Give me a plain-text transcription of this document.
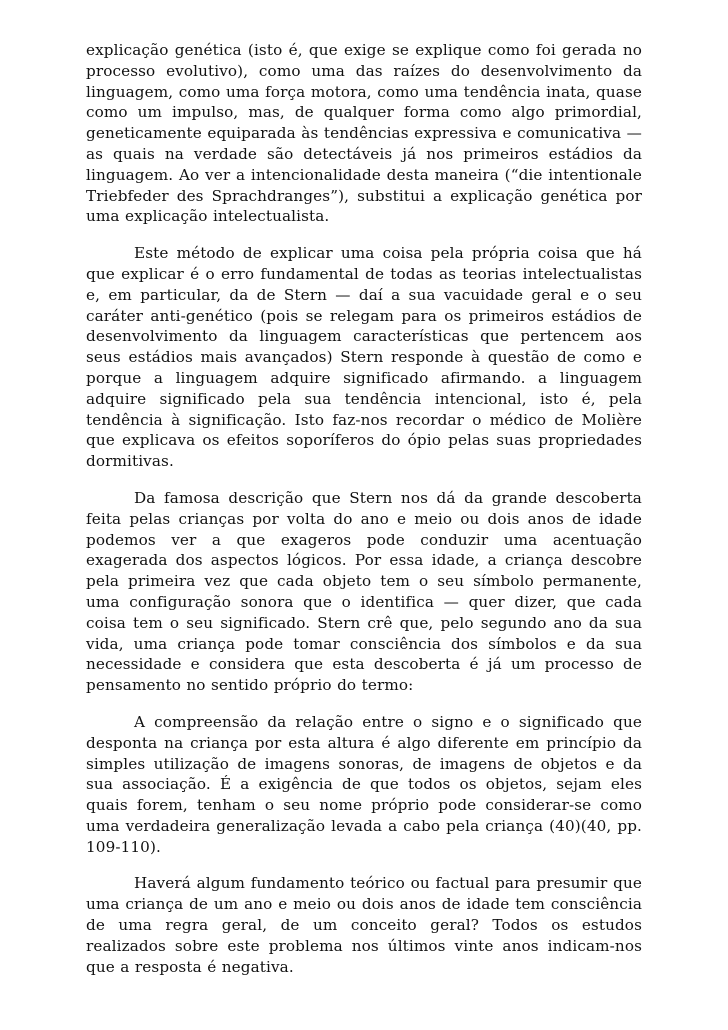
explicação genética (isto é, que exige se explique como foi gerada no processo evolutivo), como uma das raízes do desenvolvimento da linguagem, como uma força motora, como uma tendência inata, quase como um impulso, mas, de qualquer forma como algo primordial, geneticamente equiparada às tendências expressiva e comunicativa — as quais na verdade são detectáveis já nos primeiros estádios da linguagem. Ao ver a intencionalidade desta maneira (“die intentionale Triebfeder des Sprachdranges”), substitui a explicação genética por uma explicação intelectualista.

Este método de explicar uma coisa pela própria coisa que há que explicar é o erro fundamental de todas as teorias intelectualistas e, em particular, da de Stern — daí a sua vacuidade geral e o seu caráter anti-genético (pois se relegam para os primeiros estádios de desenvolvimento da linguagem características que pertencem aos seus estádios mais avançados) Stern responde à questão de como e porque a linguagem adquire significado afirmando. a linguagem adquire significado pela sua tendência intencional, isto é, pela tendência à significação. Isto faz-nos recordar o médico de Molière que explicava os efeitos soporíferos do ópio pelas suas propriedades dormitivas.

Da famosa descrição que Stern nos dá da grande descoberta feita pelas crianças por volta do ano e meio ou dois anos de idade podemos ver a que exageros pode conduzir uma acentuação exagerada dos aspectos lógicos. Por essa idade, a criança descobre pela primeira vez que cada objeto tem o seu símbolo permanente, uma configuração sonora que o identifica — quer dizer, que cada coisa tem o seu significado. Stern crê que, pelo segundo ano da sua vida, uma criança pode tomar consciência dos símbolos e da sua necessidade e considera que esta descoberta é já um processo de pensamento no sentido próprio do termo:

A compreensão da relação entre o signo e o significado que desponta na criança por esta altura é algo diferente em princípio da simples utilização de imagens sonoras, de imagens de objetos e da sua associação. É a exigência de que todos os objetos, sejam eles quais forem, tenham o seu nome próprio pode considerar-se como uma verdadeira generalização levada a cabo pela criança (40)(40, pp. 109-110).

Haverá algum fundamento teórico ou factual para presumir que uma criança de um ano e meio ou dois anos de idade tem consciência de uma regra geral, de um conceito geral? Todos os estudos realizados sobre este problema nos últimos vinte anos indicam-nos que a resposta é negativa.
